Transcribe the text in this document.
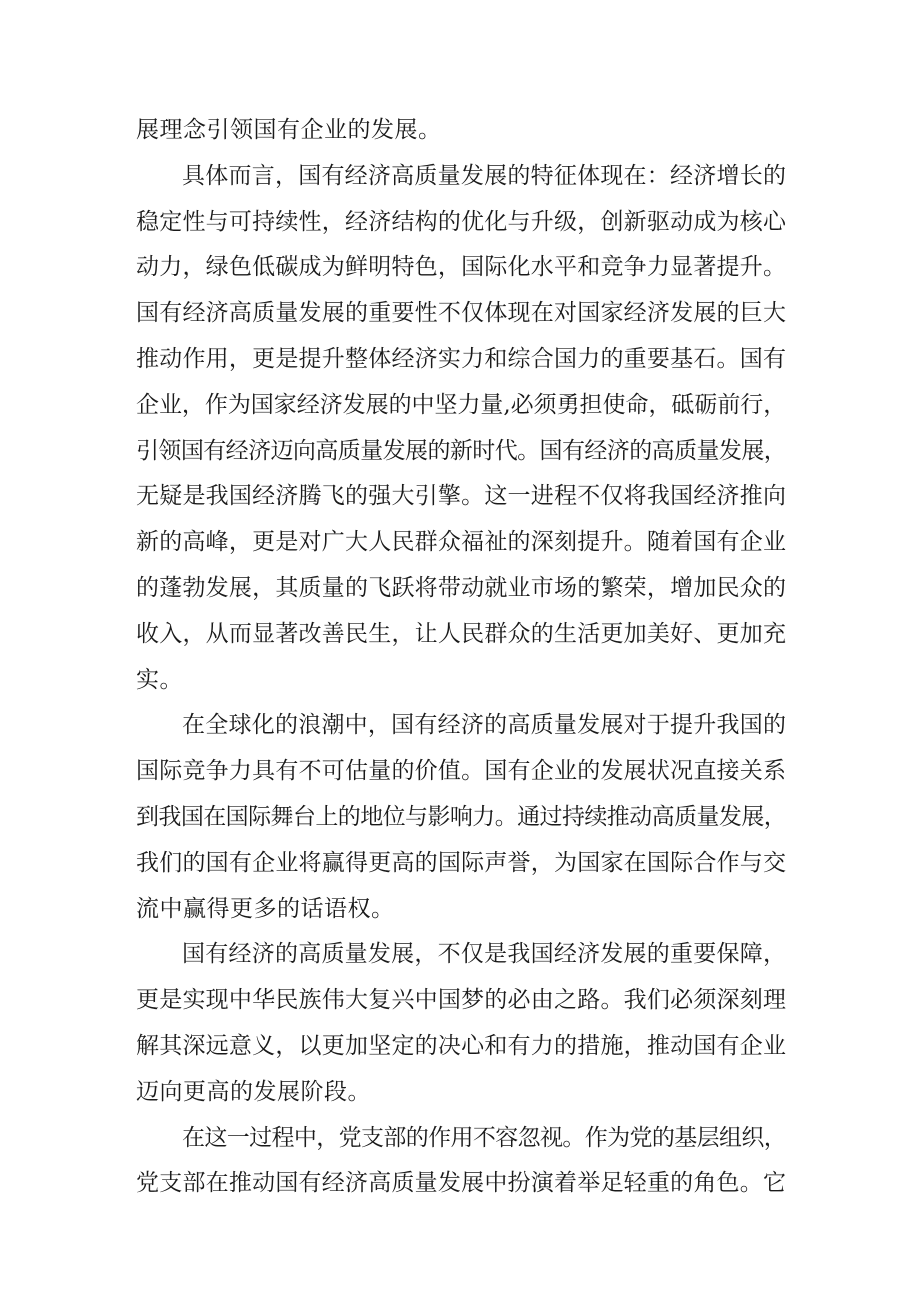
展理念引领国有企业的发展。
具体而言，国有经济高质量发展的特征体现在：经济增长的
稳定性与可持续性，经济结构的优化与升级，创新驱动成为核心
动力，绿色低碳成为鲜明特色，国际化水平和竞争力显著提升。
国有经济高质量发展的重要性不仅体现在对国家经济发展的巨大
推动作用，更是提升整体经济实力和综合国力的重要基石。国有
企业，作为国家经济发展的中坚力量,必须勇担使命，砥砺前行，
引领国有经济迈向高质量发展的新时代。国有经济的高质量发展，
无疑是我国经济腾飞的强大引擎。这一进程不仅将我国经济推向
新的高峰，更是对广大人民群众福祉的深刻提升。随着国有企业
的蓬勃发展，其质量的飞跃将带动就业市场的繁荣，增加民众的
收入，从而显著改善民生，让人民群众的生活更加美好、更加充
实。
在全球化的浪潮中，国有经济的高质量发展对于提升我国的
国际竞争力具有不可估量的价值。国有企业的发展状况直接关系
到我国在国际舞台上的地位与影响力。通过持续推动高质量发展，
我们的国有企业将赢得更高的国际声誉，为国家在国际合作与交
流中赢得更多的话语权。
国有经济的高质量发展，不仅是我国经济发展的重要保障，
更是实现中华民族伟大复兴中国梦的必由之路。我们必须深刻理
解其深远意义，以更加坚定的决心和有力的措施，推动国有企业
迈向更高的发展阶段。
在这一过程中，党支部的作用不容忽视。作为党的基层组织，
党支部在推动国有经济高质量发展中扮演着举足轻重的角色。它
